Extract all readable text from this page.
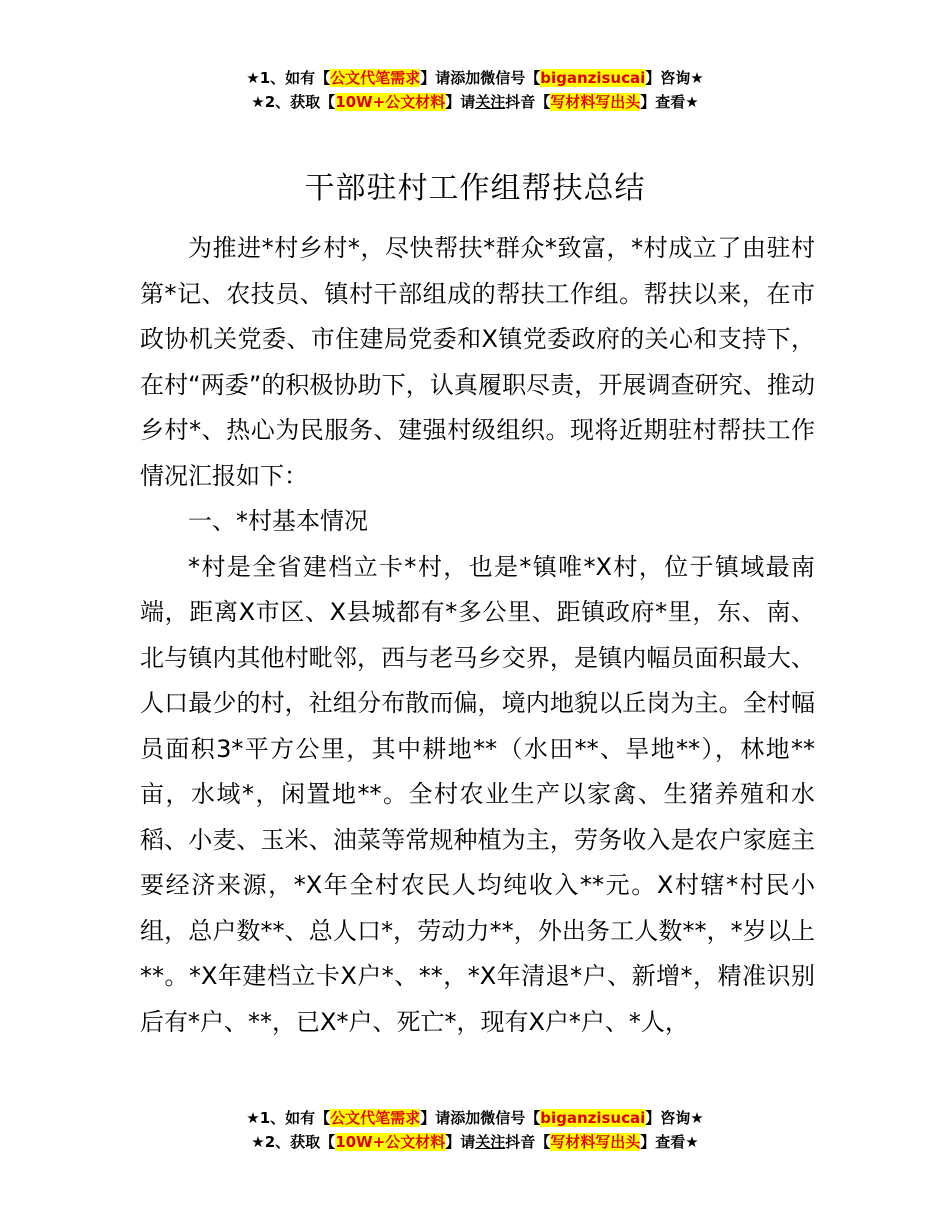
★1、如有【公文代笔需求】请添加微信号【biganzisucai】咨询★
★2、获取【10W+公文材料】请关注抖音【写材料写出头】查看★
干部驻村工作组帮扶总结

为推进*村乡村*，尽快帮扶*群众*致富，*村成立了由驻村第*记、农技员、镇村干部组成的帮扶工作组。帮扶以来，在市政协机关党委、市住建局党委和X镇党委政府的关心和支持下，在村“两委”的积极协助下，认真履职尽责，开展调查研究、推动乡村*、热心为民服务、建强村级组织。现将近期驻村帮扶工作情况汇报如下：

一、*村基本情况

*村是全省建档立卡*村，也是*镇唯*X村，位于镇域最南端，距离X市区、X县城都有*多公里、距镇政府*里，东、南、北与镇内其他村毗邻，西与老马乡交界，是镇内幅员面积最大、人口最少的村，社组分布散而偏，境内地貌以丘岗为主。全村幅员面积3*平方公里，其中耕地**（水田**、旱地**），林地**亩，水域*，闲置地**。全村农业生产以家禽、生猪养殖和水稻、小麦、玉米、油菜等常规种植为主，劳务收入是农户家庭主要经济来源，*X年全村农民人均纯收入**元。X村辖*村民小组，总户数**、总人口*，劳动力**，外出务工人数**，*岁以上**。*X年建档立卡X户*、**，*X年清退*户、新增*，精准识别后有*户、**，已X*户、死亡*，现有X户*户、*人，

★1、如有【公文代笔需求】请添加微信号【biganzisucai】咨询★
★2、获取【10W+公文材料】请关注抖音【写材料写出头】查看★
